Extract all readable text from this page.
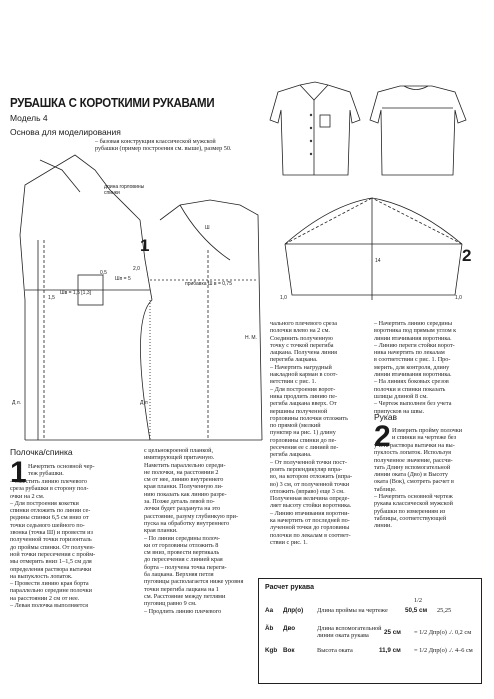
РУБАШКА С КОРОТКИМИ РУКАВАМИ
Модель 4
Основа для моделирования
– базовая конструкция классической мужской
рубашки (пример построения см. выше), размер 50.
длина горловины
спинки
1
Шв = 1,5 [1,3]
Шп = 5
прибавка Ш в = 0,75
2,0
0,5
1,5
Д л
Д л.
Н. М.
Ш
2
14
1,0	1,0
Полочка/спинка
1 Начертить основной чер-
теж рубашки.
– Сместить линию плечевого
среза рубашки в сторону пол-
очки на 2 см.
– Для построения кокетки
спинки отложить по линии се-
редины спинки 6,5 см вниз от
точки седьмого шейного по-
звонка (точка Ш) и провести из
полученной точки горизонталь
до проймы спинки. От получен-
ной точки пересечения с пройм-
мы отмерить вниз 1–1,5 см для
определения раствора вытачки
на выпуклость лопаток.
– Провести линию края борта
параллельно середине полочки
на расстоянии 2 см от нее.
– Левая полочка выполняется
с цельнокроеной планкой,
имитирующей притачную.
Наметить параллельно середи-
не полочки, на расстоянии 2
см от нее, линию внутреннего
края планки. Полученную ли-
нию показать как линию разре-
за. Позже деталь левой по-
лочки будет разданута на это
расстояние, разуму глубинкую при-
пуска на обработку внутреннего
края планки.
– По линии середины полоч-
ки от горловины отложить 8
см вниз, провести вертикаль
до пересечения с линией края
борта – получена точка переги-
ба лацкана. Верхняя петля
пуговицы располагается ниже уровня
точки перегиба лацкана на 1
см. Расстояние между петлями
пуговиц равно 9 см.
– Продлить линию плечевого
чального плечевого среза
полочки влево на 2 см.
Соединить полученную
точку с точкой перегиба
лацкана. Получена линия
перегиба лацкана.
– Начертить нагрудный
накладной карман в соот-
ветствии с рис. 1.
– Для построения ворот-
ника продлить линию пе-
региба лацкана вверх. От
вершины полученной
горловины полочки отложить
по прямой (мелкий
пунктир на рис. 1) длину
горловины спинки до пе-
ресечения ее с линией пе-
региба лацкана.
– От полученной точки пост-
роить перпендикуляр впра-
во, на котором отложить (впра-
во) 3 см, от полученной точки
отложить (вправо) еще 3 см.
Полученная величина опреде-
ляет высоту стойки воротника.
– Линию втачивания воротни-
ка начертить от последней по-
лученной точки до горловины
полочки по лекалам в соответ-
ствии с рис. 1.
– Начертить линию середины
воротника под прямым углом к
линии втачивания воротника.
– Линию переги стойки ворот-
ника начертить по лекалам
в соответствии с рис. 1. Про-
мерить, для контроля, длину
линии втачивания воротника.
– На линиях боковых срезов
полочки и спинки показать
шлицы длиной 8 см.
– Чертеж выполнен без учета
припусков на швы.
Рукав
2 Измерить пройму полочки
и спинки на чертеже без
учета раствора вытачки на вы-
пуклость лопаток. Используя
полученное значение, рассчи-
тать Длину вспомогательной
линии оката (Дво) и Высоту
оката (Вок), смотреть расчет в
таблице.
– Начертить основной чертеж
рукава классической мужской
рубашки по измерениям из
таблицы, соответствующей
линии.
Расчет рукава
1/2
Аа Дпр(о) Длина проймы на чертеже	50,5 см 25,25
Äb Дво	Длина вспомогательной
линии оката рукава	25 см = 1/2 Дпр(о) ./. 0,2 см
Kgb Вок	Высота оката	11,9 см = 1/2 Дпр(о) ./. 4–6 см
